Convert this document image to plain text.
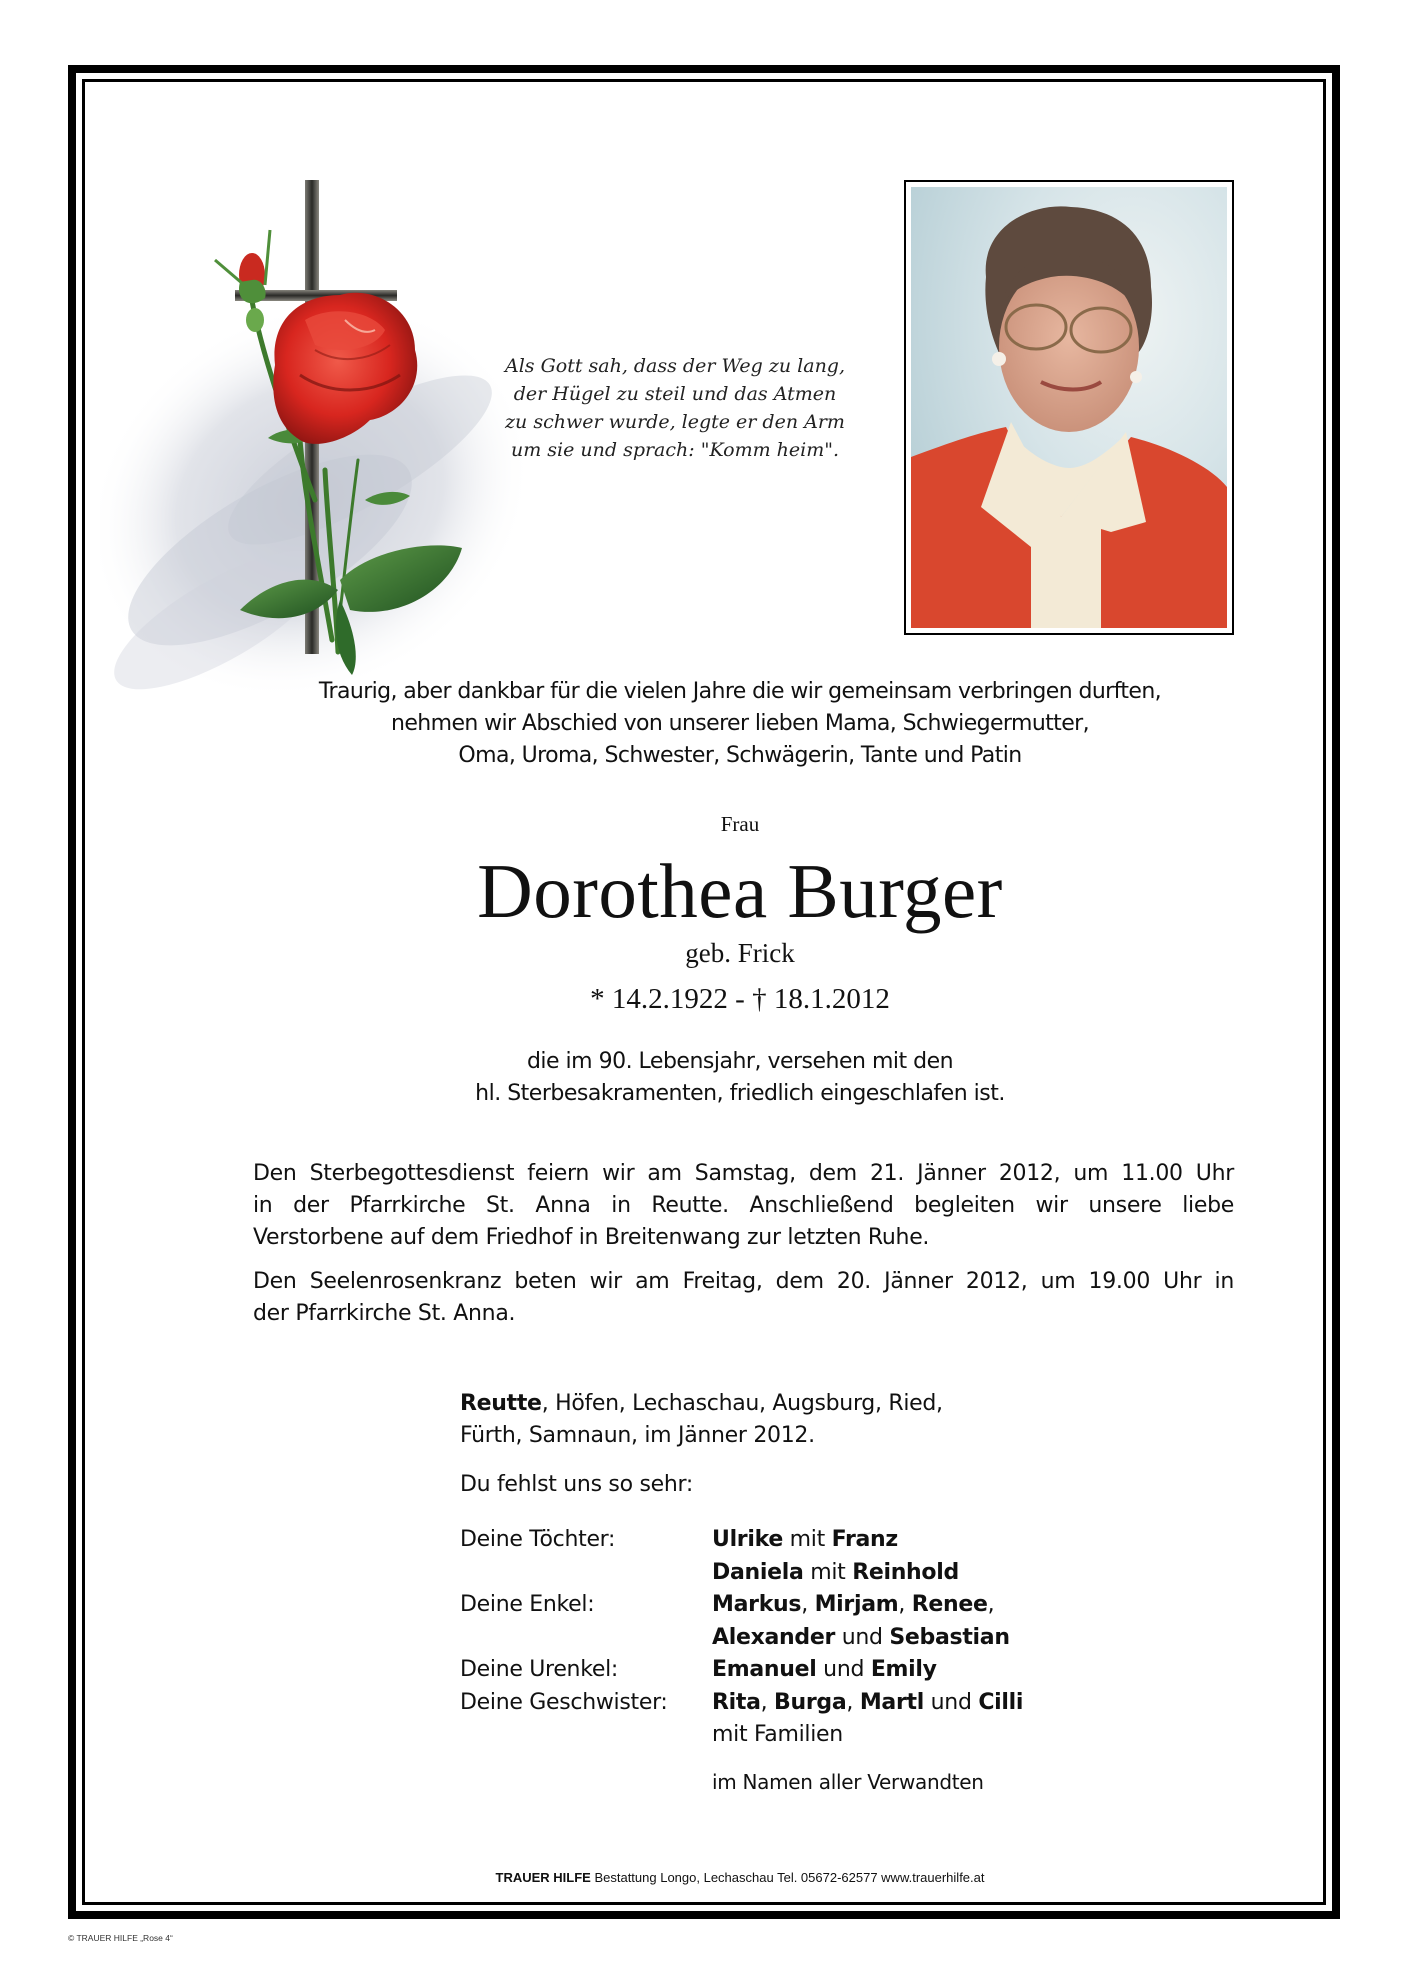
Als Gott sah, dass der Weg zu lang,
der Hügel zu steil und das Atmen
zu schwer wurde, legte er den Arm
um sie und sprach: "Komm heim".
Traurig, aber dankbar für die vielen Jahre die wir gemeinsam verbringen durften,
nehmen wir Abschied von unserer lieben Mama, Schwiegermutter,
Oma, Uroma, Schwester, Schwägerin, Tante und Patin
Frau
Dorothea Burger
geb. Frick
* 14.2.1922 - † 18.1.2012
die im 90. Lebensjahr, versehen mit den
hl. Sterbesakramenten, friedlich eingeschlafen ist.
Den Sterbegottesdienst feiern wir am Samstag, dem 21. Jänner 2012, um 11.00 Uhr
in der Pfarrkirche St. Anna in Reutte. Anschließend begleiten wir unsere liebe
Verstorbene auf dem Friedhof in Breitenwang zur letzten Ruhe.
Den Seelenrosenkranz beten wir am Freitag, dem 20. Jänner 2012, um 19.00 Uhr in
der Pfarrkirche St. Anna.
Reutte, Höfen, Lechaschau, Augsburg, Ried,
Fürth, Samnaun, im Jänner 2012.
Du fehlst uns so sehr:
Deine Töchter:	Ulrike mit Franz
Daniela mit Reinhold
Deine Enkel:	Markus, Mirjam, Renee,
Alexander und Sebastian
Deine Urenkel:	Emanuel und Emily
Deine Geschwister:	Rita, Burga, Martl und Cilli
mit Familien
im Namen aller Verwandten
TRAUER HILFE Bestattung Longo, Lechaschau Tel. 05672-62577 www.trauerhilfe.at
© TRAUER HILFE „Rose 4“
